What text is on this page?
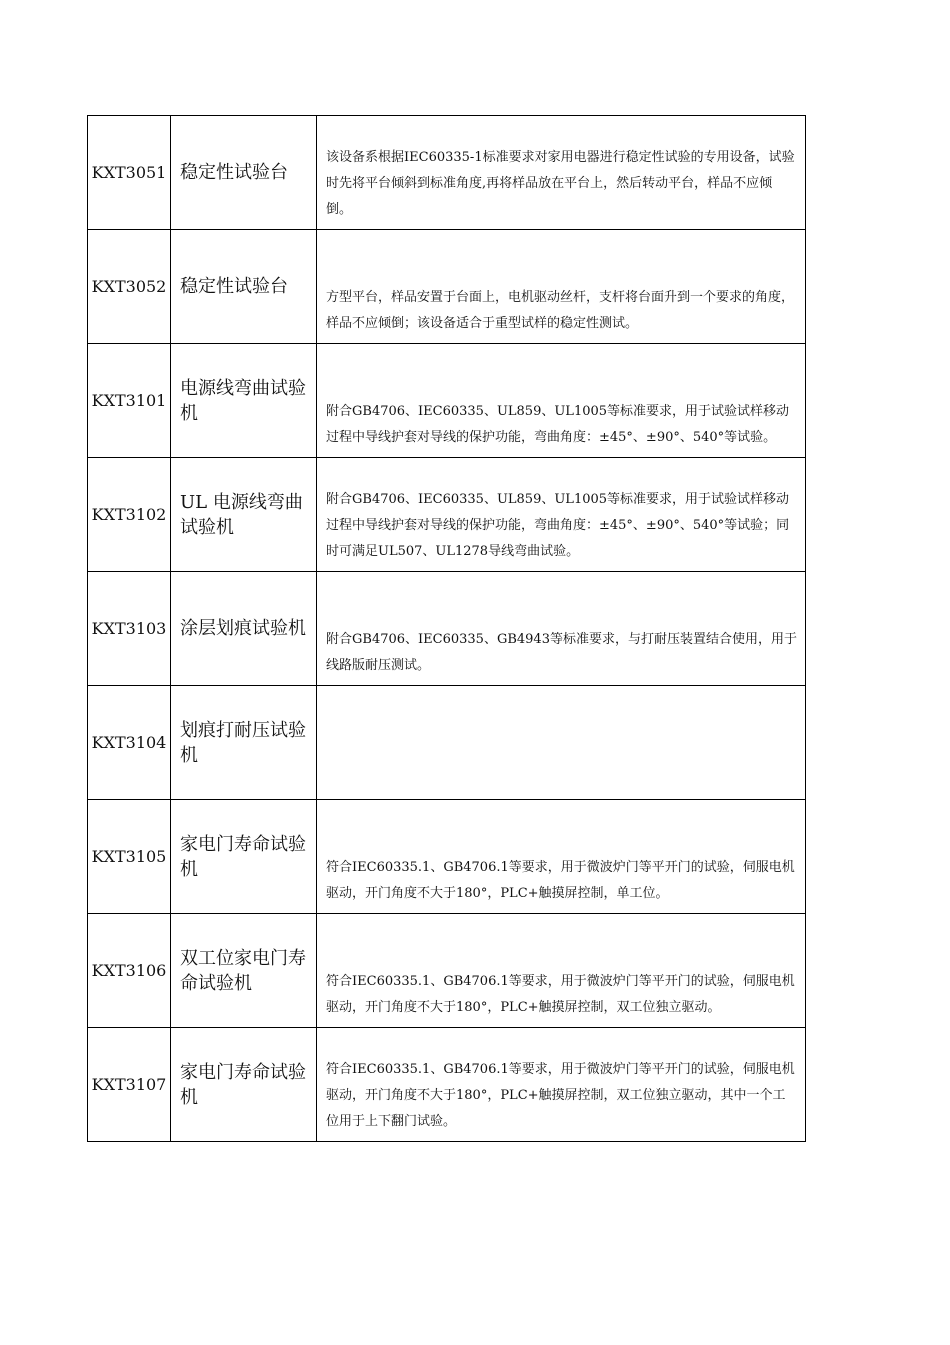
KXT3051	稳定性试验台	该设备系根据IEC60335-1标准要求对家用电器进行稳定性试验的专用设备，试验时先将平台倾斜到标准角度,再将样品放在平台上，然后转动平台，样品不应倾倒。

KXT3052	稳定性试验台	方型平台，样品安置于台面上，电机驱动丝杆，支杆将台面升到一个要求的角度，样品不应倾倒；该设备适合于重型试样的稳定性测试。

KXT3101	电源线弯曲试验机	附合GB4706、IEC60335、UL859、UL1005等标准要求，用于试验试样移动过程中导线护套对导线的保护功能，弯曲角度：±45°、±90°、540°等试验。

KXT3102	UL 电源线弯曲试验机	附合GB4706、IEC60335、UL859、UL1005等标准要求，用于试验试样移动过程中导线护套对导线的保护功能，弯曲角度：±45°、±90°、540°等试验；同时可满足UL507、UL1278导线弯曲试验。

KXT3103	涂层划痕试验机	附合GB4706、IEC60335、GB4943等标准要求，与打耐压装置结合使用，用于线路版耐压测试。

KXT3104	划痕打耐压试验机	

KXT3105	家电门寿命试验机	符合IEC60335.1、GB4706.1等要求，用于微波炉门等平开门的试验，伺服电机驱动，开门角度不大于180°，PLC+触摸屏控制，单工位。

KXT3106	双工位家电门寿命试验机	符合IEC60335.1、GB4706.1等要求，用于微波炉门等平开门的试验，伺服电机驱动，开门角度不大于180°，PLC+触摸屏控制，双工位独立驱动。

KXT3107	家电门寿命试验机	符合IEC60335.1、GB4706.1等要求，用于微波炉门等平开门的试验，伺服电机驱动，开门角度不大于180°，PLC+触摸屏控制，双工位独立驱动，其中一个工位用于上下翻门试验。
